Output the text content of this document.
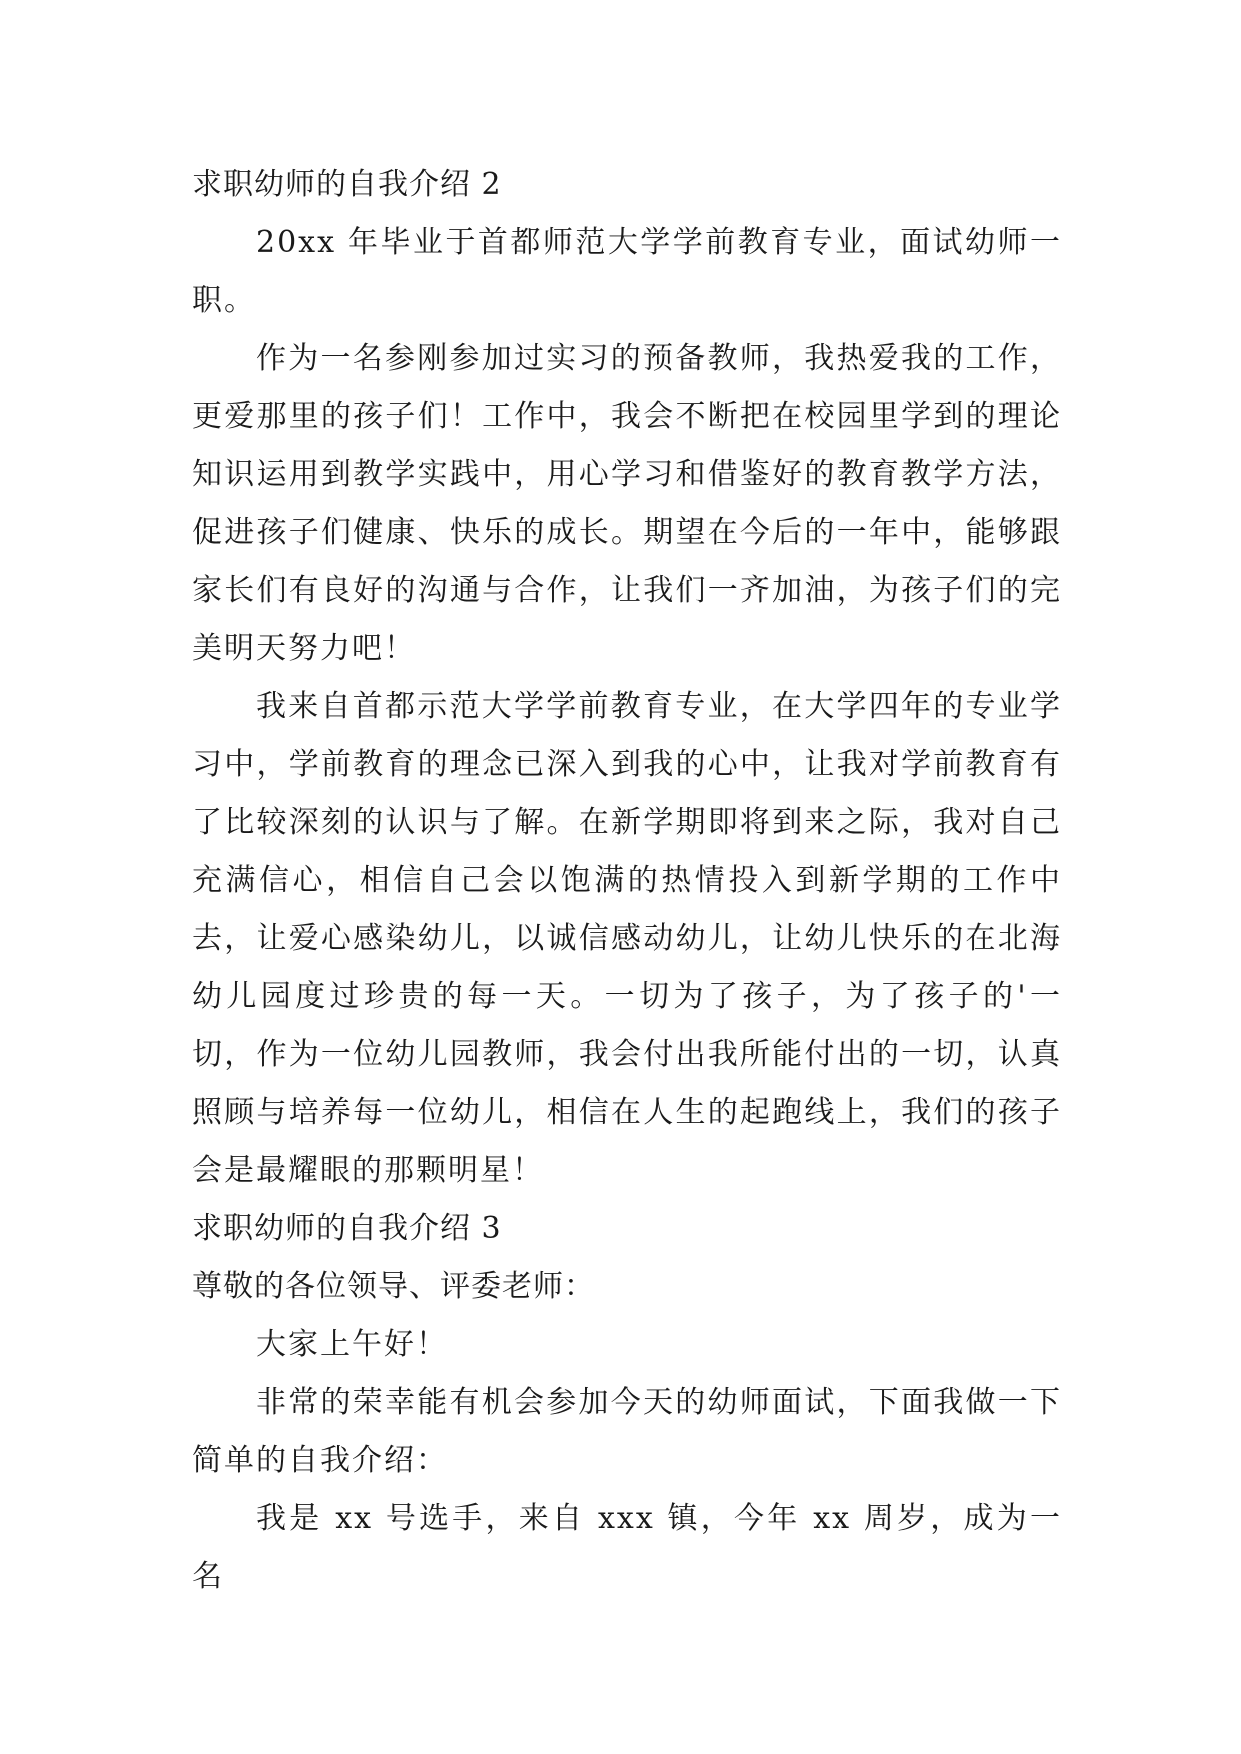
求职幼师的自我介绍 2
20xx 年毕业于首都师范大学学前教育专业，面试幼师一职。
作为一名参刚参加过实习的预备教师，我热爱我的工作，更爱那里的孩子们！工作中，我会不断把在校园里学到的理论知识运用到教学实践中，用心学习和借鉴好的教育教学方法，促进孩子们健康、快乐的成长。期望在今后的一年中，能够跟家长们有良好的沟通与合作，让我们一齐加油，为孩子们的完美明天努力吧！
我来自首都示范大学学前教育专业，在大学四年的专业学习中，学前教育的理念已深入到我的心中，让我对学前教育有了比较深刻的认识与了解。在新学期即将到来之际，我对自己充满信心，相信自己会以饱满的热情投入到新学期的工作中去，让爱心感染幼儿，以诚信感动幼儿，让幼儿快乐的在北海幼儿园度过珍贵的每一天。一切为了孩子，为了孩子的'一切，作为一位幼儿园教师，我会付出我所能付出的一切，认真照顾与培养每一位幼儿，相信在人生的起跑线上，我们的孩子会是最耀眼的那颗明星！
求职幼师的自我介绍 3
尊敬的各位领导、评委老师：
大家上午好！
非常的荣幸能有机会参加今天的幼师面试，下面我做一下简单的自我介绍：
我是 xx 号选手，来自 xxx 镇，今年 xx 周岁，成为一名
